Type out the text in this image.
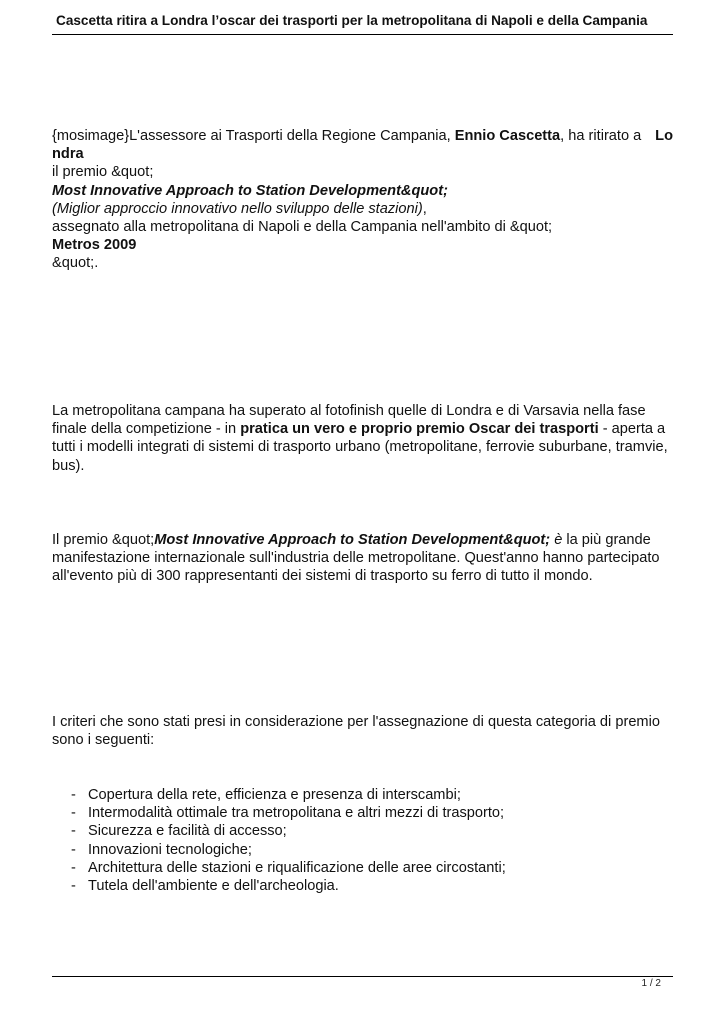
Cascetta ritira a Londra l’oscar dei trasporti per la metropolitana di Napoli e della Campania
{mosimage}L'assessore ai Trasporti della Regione Campania, Ennio Cascetta, ha ritirato a Lo
ndra
il premio &quot;
Most Innovative Approach to Station Development&quot;
(Miglior approccio innovativo nello sviluppo delle stazioni),
assegnato alla metropolitana di Napoli e della Campania nell'ambito di &quot;
Metros 2009
&quot;.
La metropolitana campana ha superato al fotofinish quelle di Londra e di Varsavia nella fase finale della competizione - in pratica un vero e proprio premio Oscar dei trasporti - aperta a tutti i modelli integrati di sistemi di trasporto urbano (metropolitane, ferrovie suburbane, tramvie, bus).
Il premio &quot;Most Innovative Approach to Station Development&quot; è la più grande manifestazione internazionale sull'industria delle metropolitane. Quest'anno hanno partecipato all'evento più di 300 rappresentanti dei sistemi di trasporto su ferro di tutto il mondo.
I criteri che sono stati presi in considerazione per l'assegnazione di questa categoria di premio sono i seguenti:
- Copertura della rete, efficienza e presenza di interscambi;
- Intermodalità ottimale tra metropolitana e altri mezzi di trasporto;
- Sicurezza e facilità di accesso;
- Innovazioni tecnologiche;
- Architettura delle stazioni e riqualificazione delle aree circostanti;
- Tutela dell'ambiente e dell'archeologia.
1 / 2
